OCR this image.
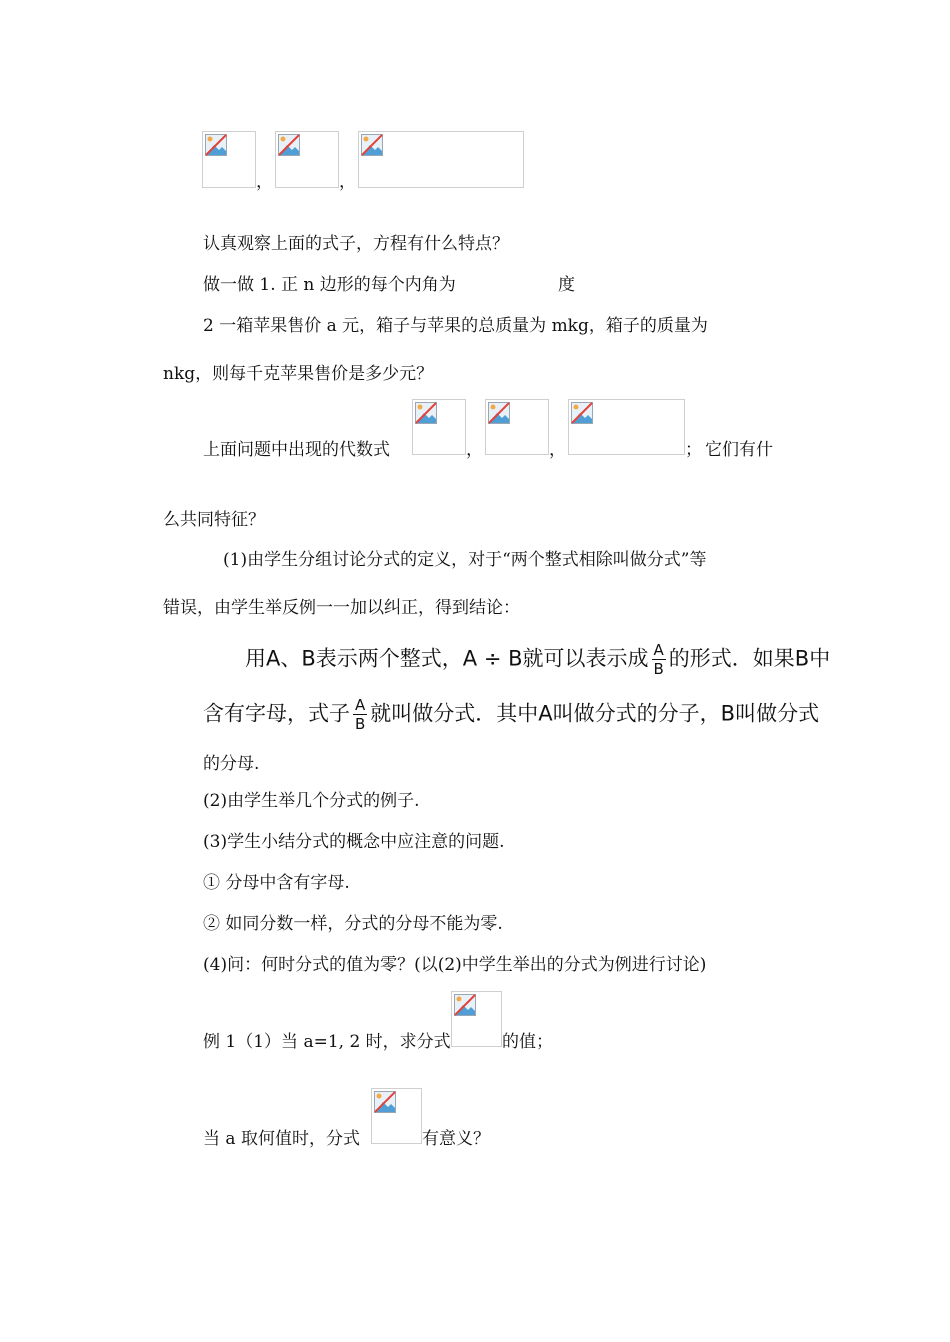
，	，
认真观察上面的式子，方程有什么特点？
做一做 1. 正 n 边形的每个内角为	度
2 一箱苹果售价 a 元，箱子与苹果的总质量为 mkg，箱子的质量为
nkg，则每千克苹果售价是多少元？
上面问题中出现的代数式	，	，	； 它们有什
么共同特征？
(1)由学生分组讨论分式的定义，对于“两个整式相除叫做分式”等
错误，由学生举反例一一加以纠正，得到结论：
用A、B表示两个整式，A ÷ B就可以表示成 $\frac{A}{B}$ 的形式．如果B中
含有字母，式子 $\frac{A}{B}$ 就叫做分式．其中A叫做分式的分子，B叫做分式
的分母.
(2)由学生举几个分式的例子.
(3)学生小结分式的概念中应注意的问题.
① 分母中含有字母.
② 如同分数一样，分式的分母不能为零.
(4)问：何时分式的值为零？(以(2)中学生举出的分式为例进行讨论)
例 1（1）当 a=1, 2 时，求分式	的值；
当 a 取何值时，分式	有意义？
